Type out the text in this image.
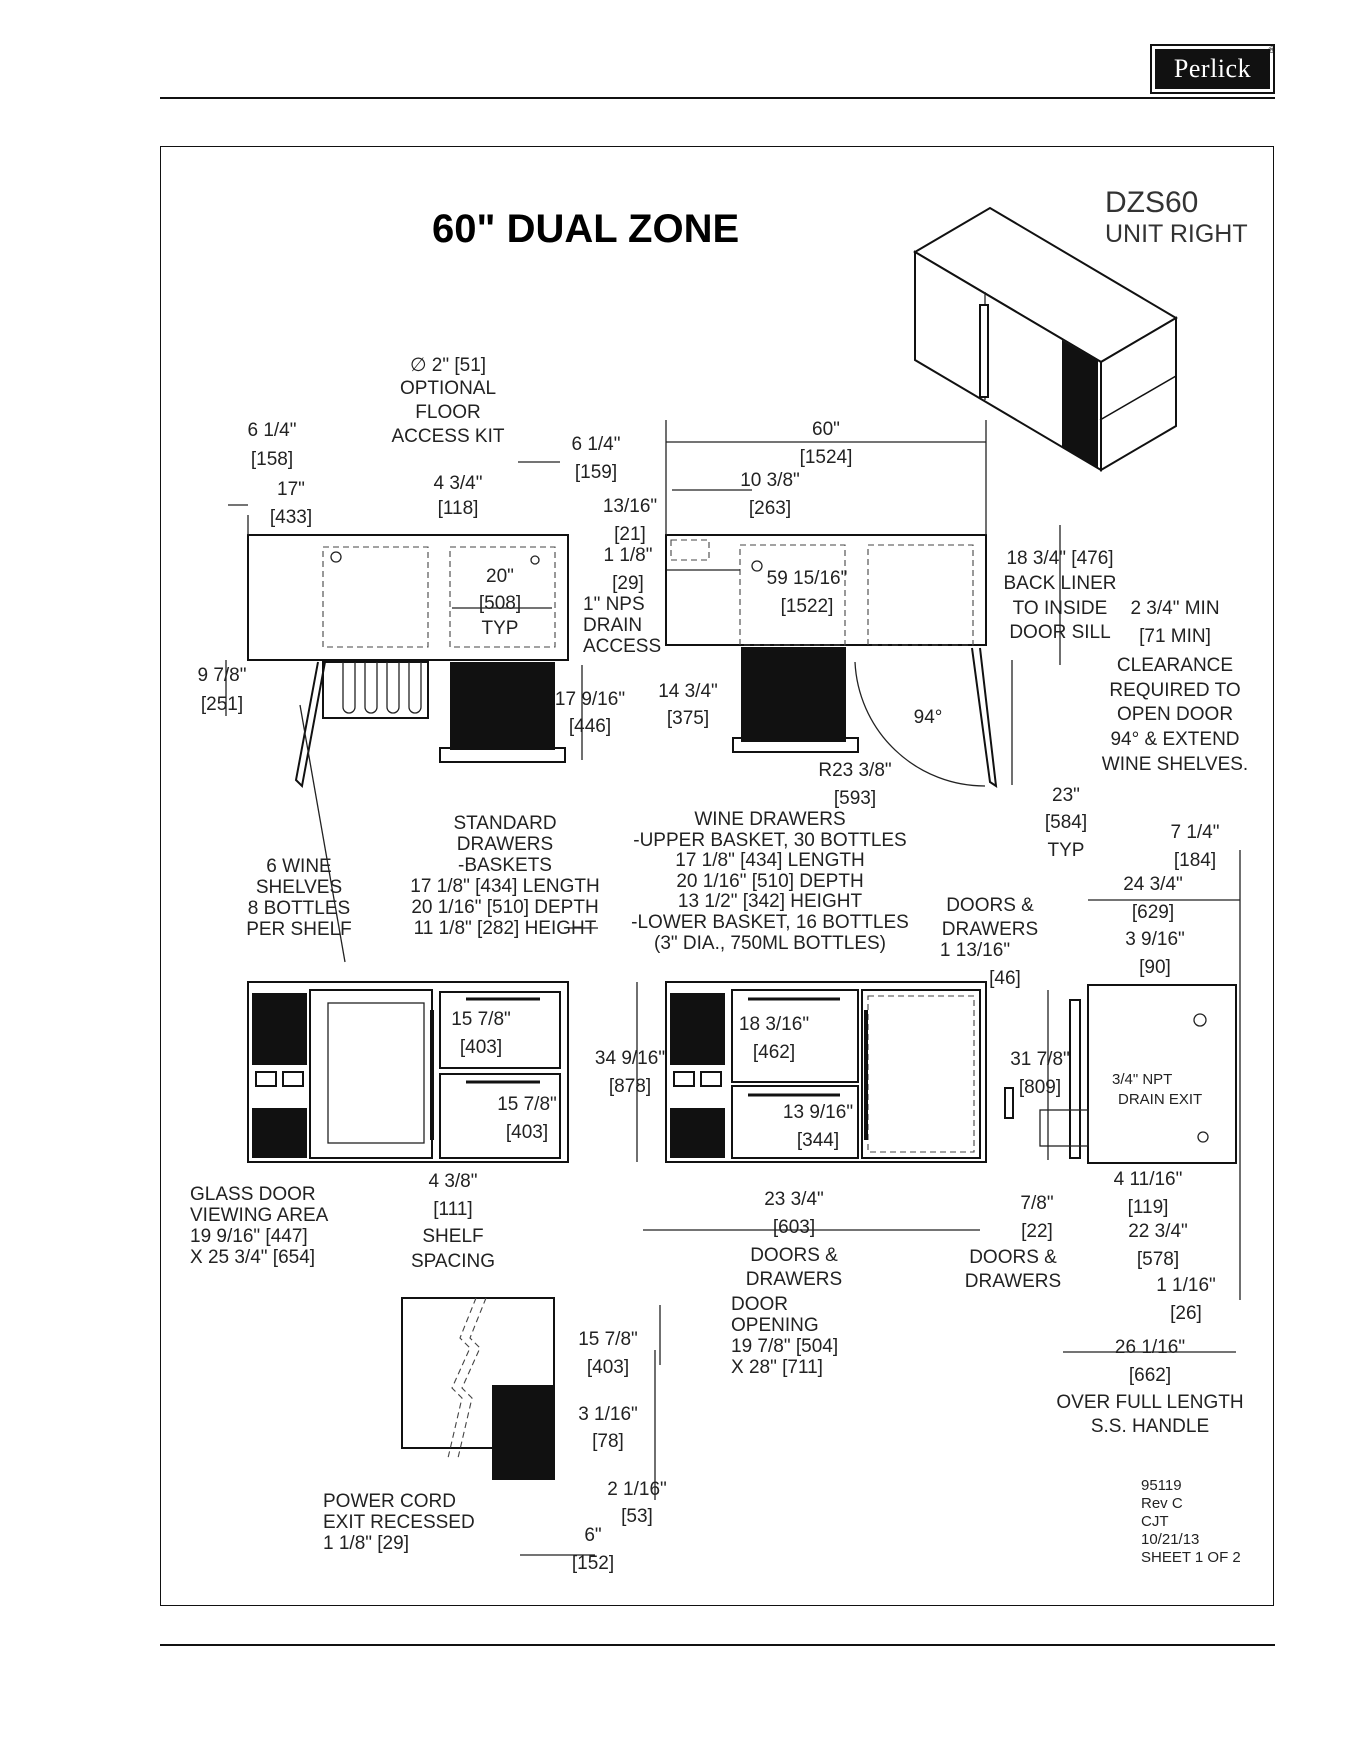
Perlick
®
60" DUAL ZONE
DZS60
UNIT RIGHT
∅ 2" [51]
OPTIONAL
FLOOR
ACCESS KIT
6 1/4"
[158]
17"
[433]
4 3/4"
[118]
6 1/4"
[159]
20"
[508]
TYP
1" NPS
DRAIN
ACCESS
9 7/8"
[251]	17 9/16"
[446]
60"
[1524]
10 3/8"
[263]
13/16"
[21]
1 1/8"
[29]	59 15/16"
[1522]
18 3/4" [476]
BACK LINER
TO INSIDE
DOOR SILL
2 3/4" MIN
[71 MIN]
CLEARANCE
REQUIRED TO
OPEN DOOR
94° & EXTEND
WINE SHELVES.
14 3/4"
[375]	94°
R23 3/8"
[593]	23"
[584]
TYP
6 WINE
SHELVES
8 BOTTLES
PER SHELF
STANDARD
DRAWERS
-BASKETS
17 1/8" [434] LENGTH
20 1/16" [510] DEPTH
11 1/8" [282] HEIGHT
WINE DRAWERS
-UPPER BASKET, 30 BOTTLES
17 1/8" [434] LENGTH
20 1/16" [510] DEPTH
13 1/2" [342] HEIGHT
-LOWER BASKET, 16 BOTTLES
(3" DIA., 750ML BOTTLES)
15 7/8"
[403]
15 7/8"
[403]
GLASS DOOR
VIEWING AREA
19 9/16" [447]
X 25 3/4" [654]
4 3/8"
[111]
SHELF
SPACING
34 9/16"
[878]
18 3/16"
[462]
13 9/16"
[344]
23 3/4"
[603]
DOORS &
DRAWERS
DOOR
OPENING
19 7/8" [504]
X 28" [711]
DOORS &
DRAWERS
1 13/16"
[46]
7 1/4"
[184]
24 3/4"
[629]
3 9/16"
[90]
31 7/8"
[809]	3/4" NPT
DRAIN EXIT
4 11/16"
[119]
7/8"
[22]
DOORS &
DRAWERS
22 3/4"
[578]
1 1/16"
[26]
26 1/16"
[662]
OVER FULL LENGTH
S.S. HANDLE
15 7/8"
[403]
3 1/16"
[78]
2 1/16"
[53]
6"
[152]
POWER CORD
EXIT RECESSED
1 1/8" [29]
95119
Rev C
CJT
10/21/13
SHEET 1 OF 2
